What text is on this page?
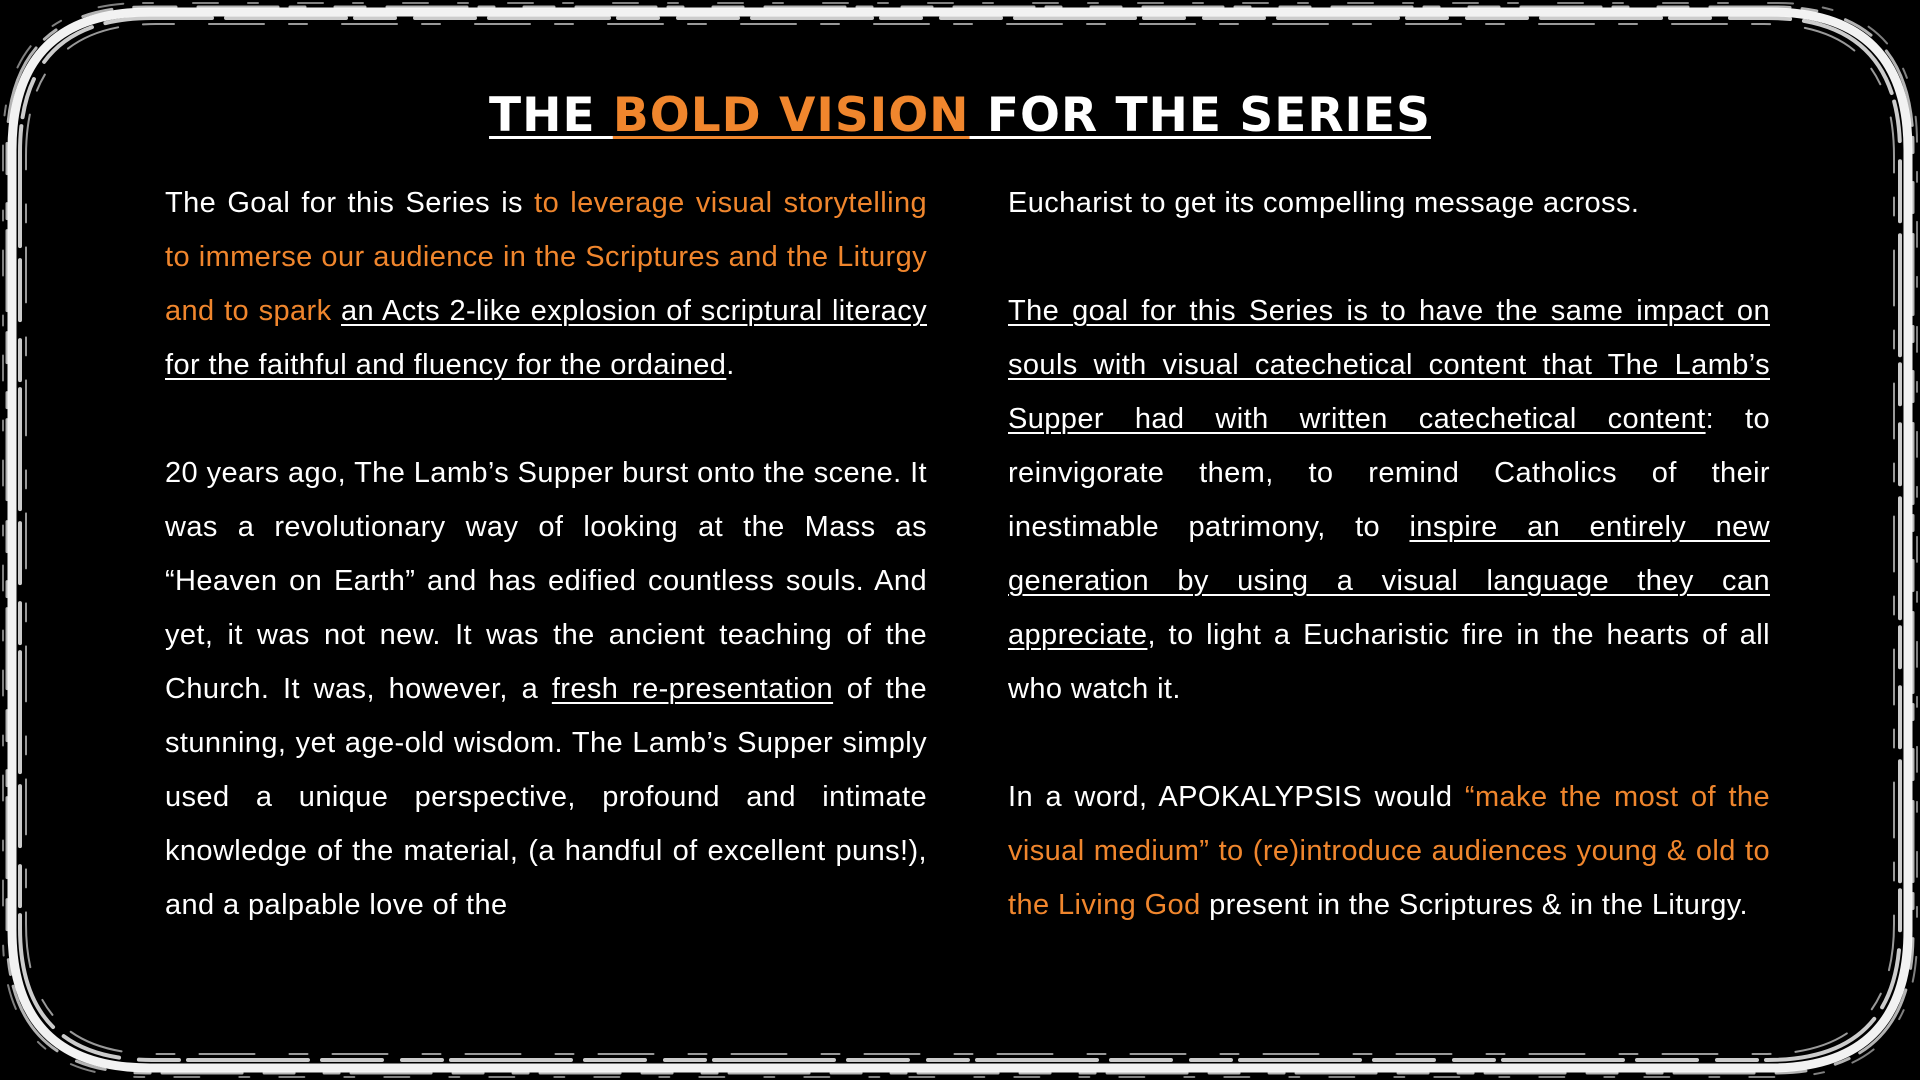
THE BOLD VISION FOR THE SERIES

The Goal for this Series is to leverage visual storytelling to immerse our audience in the Scriptures and the Liturgy and to spark an Acts 2-like explosion of scriptural literacy for the faithful and fluency for the ordained.

20 years ago, The Lamb’s Supper burst onto the scene. It was a revolutionary way of looking at the Mass as “Heaven on Earth” and has edified countless souls. And yet, it was not new. It was the ancient teaching of the Church. It was, however, a fresh re-presentation of the stunning, yet age-old wisdom. The Lamb’s Supper simply used a unique perspective, profound and intimate knowledge of the material, (a handful of excellent puns!), and a palpable love of the

Eucharist to get its compelling message across.

The goal for this Series is to have the same impact on souls with visual catechetical content that The Lamb’s Supper had with written catechetical content: to reinvigorate them, to remind Catholics of their inestimable patrimony, to inspire an entirely new generation by using a visual language they can appreciate, to light a Eucharistic fire in the hearts of all who watch it.

In a word, APOKALYPSIS would “make the most of the visual medium” to (re)introduce audiences young & old to the Living God present in the Scriptures & in the Liturgy.
